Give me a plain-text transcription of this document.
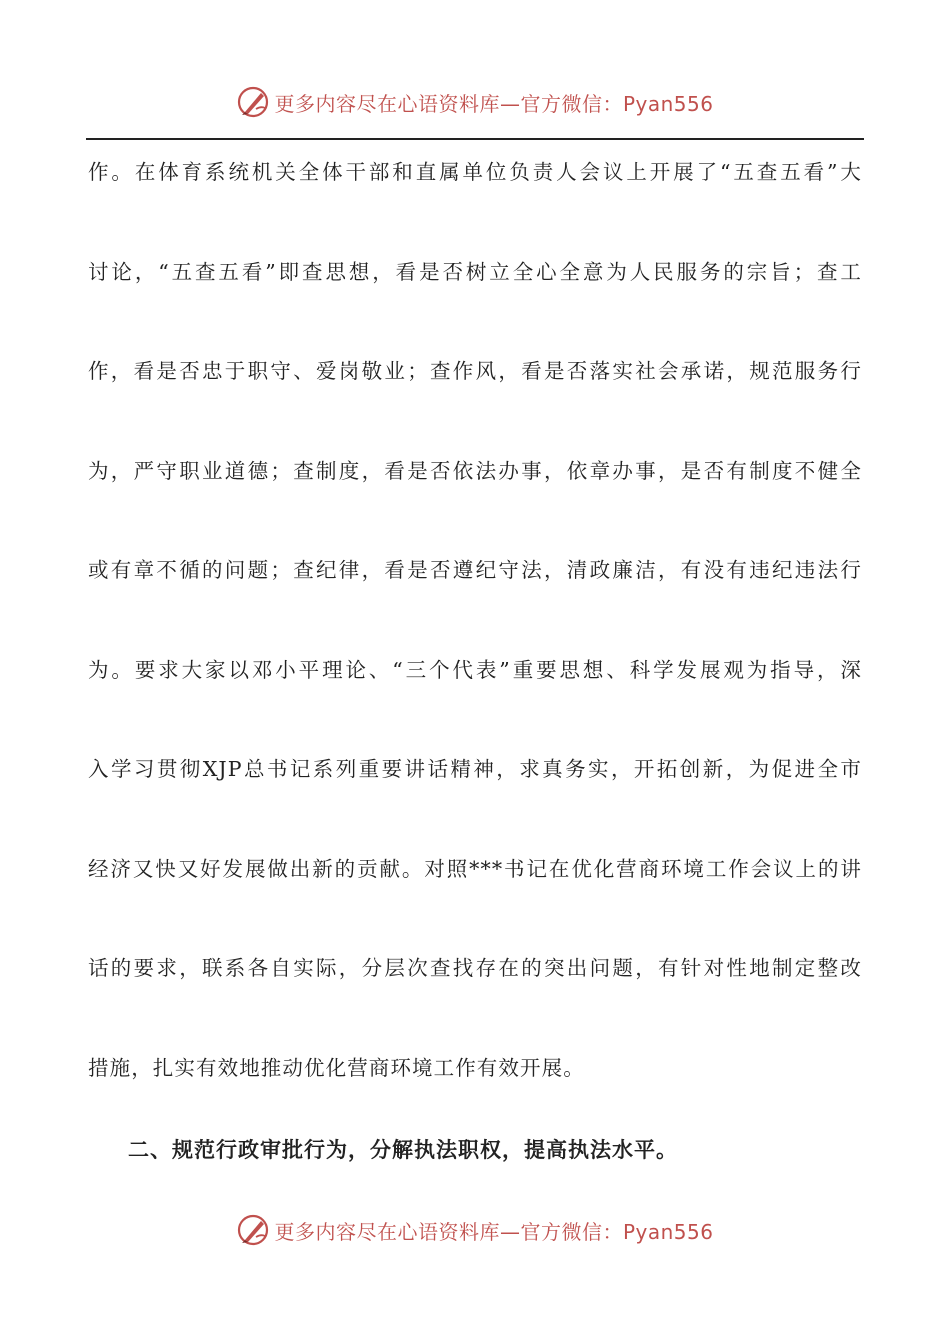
更多内容尽在心语资料库—官方微信：Pyan556
作。在体育系统机关全体干部和直属单位负责人会议上开展了“五查五看”大
讨论，“五查五看”即查思想，看是否树立全心全意为人民服务的宗旨；查工
作，看是否忠于职守、爱岗敬业；查作风，看是否落实社会承诺，规范服务行
为，严守职业道德；查制度，看是否依法办事，依章办事，是否有制度不健全
或有章不循的问题；查纪律，看是否遵纪守法，清政廉洁，有没有违纪违法行
为。要求大家以邓小平理论、“三个代表”重要思想、科学发展观为指导，深
入学习贯彻XJP总书记系列重要讲话精神，求真务实，开拓创新，为促进全市
经济又快又好发展做出新的贡献。对照***书记在优化营商环境工作会议上的讲
话的要求，联系各自实际，分层次查找存在的突出问题，有针对性地制定整改
措施，扎实有效地推动优化营商环境工作有效开展。
二、规范行政审批行为，分解执法职权，提高执法水平。
更多内容尽在心语资料库—官方微信：Pyan556
